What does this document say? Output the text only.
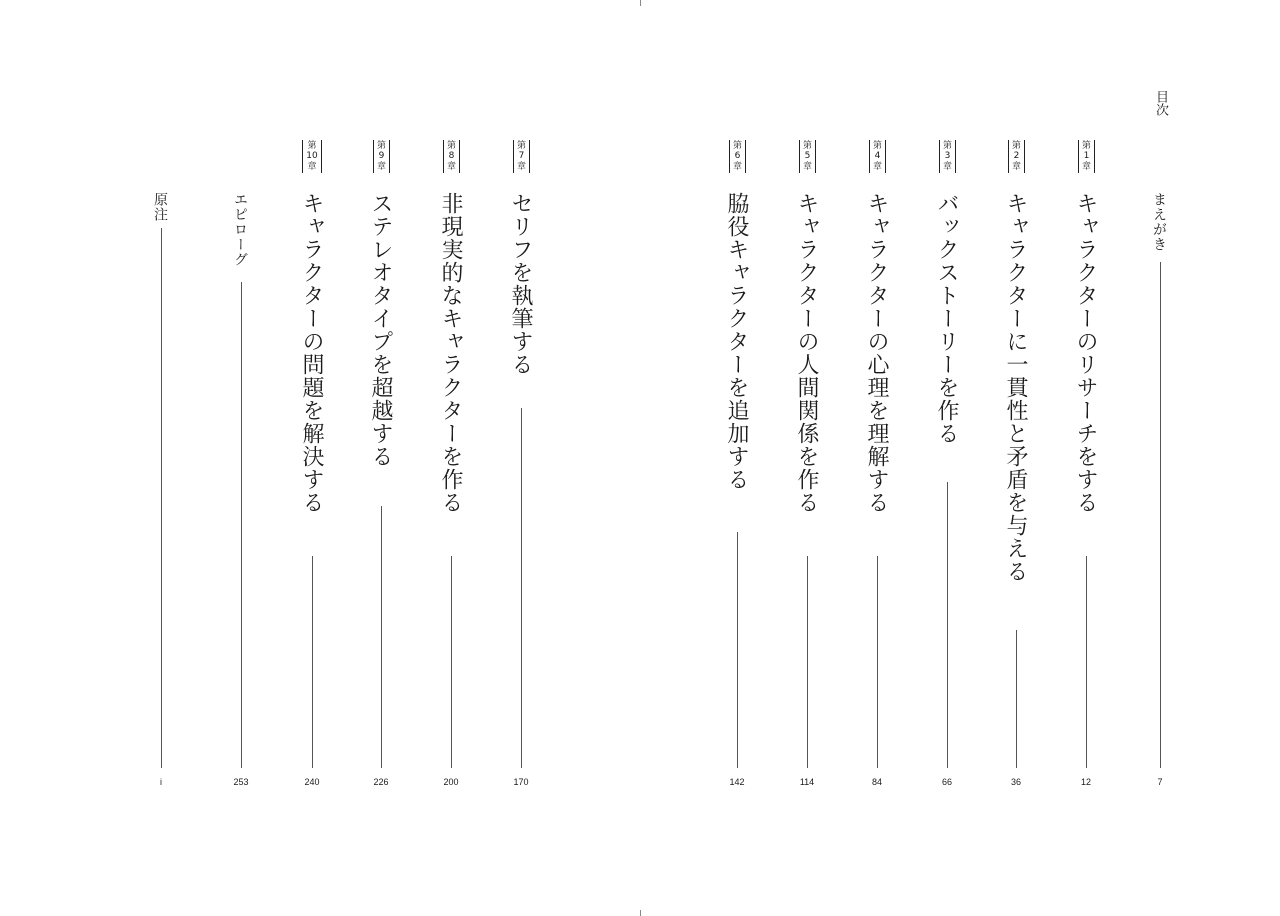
目次
まえがき
7
第
1
章
キャラクターのリサーチをする
12
第
2
章
キャラクターに一貫性と矛盾を与える
36
第
3
章
バックストーリーを作る
66
第
4
章
キャラクターの心理を理解する
84
第
5
章
キャラクターの人間関係を作る
114
第
6
章
脇役キャラクターを追加する
142
第
7
章
セリフを執筆する
170
第
8
章
非現実的なキャラクターを作る
200
第
9
章
ステレオタイプを超越する
226
第
10
章
キャラクターの問題を解決する
240
エピローグ
253
原注
i
